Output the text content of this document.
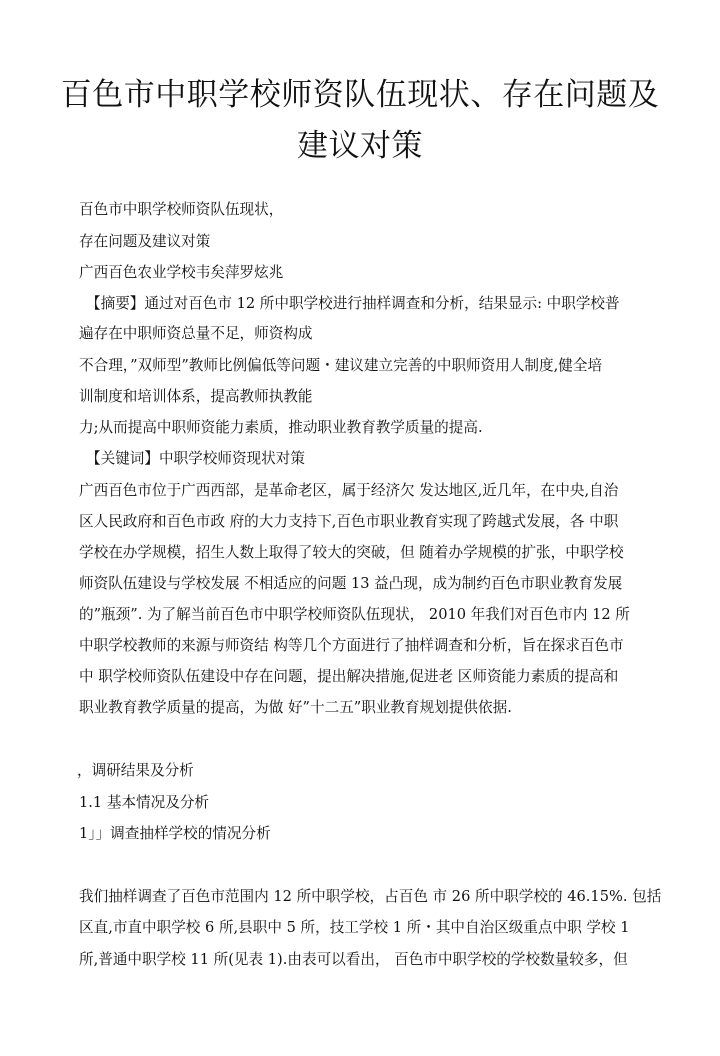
百色市中职学校师资队伍现状、存在问题及
建议对策
百色市中职学校师资队伍现状，
存在问题及建议对策
广西百色农业学校韦矣萍罗炫兆
【摘要】通过对百色市 12 所中职学校进行抽样调查和分析，结果显示: 中职学校普
遍存在中职师资总量不足，师资构成
不合理，”双师型”教师比例偏低等问题・建议建立完善的中职师资用人制度,健全培
训制度和培训体系，提高教师执教能
力;从而提高中职师资能力素质，推动职业教育教学质量的提高.
【关键词】中职学校师资现状对策
广西百色市位于广西西部，是革命老区，属于经济欠 发达地区,近几年，在中央,自治
区人民政府和百色市政 府的大力支持下,百色市职业教育实现了跨越式发展，各 中职
学校在办学规模，招生人数上取得了较大的突破，但 随着办学规模的扩张，中职学校
师资队伍建设与学校发展 不相适应的问题 13 益凸现，成为制约百色市职业教育发展
的”瓶颈”. 为了解当前百色市中职学校师资队伍现状， 2010 年我们对百色市内 12 所
中职学校教师的来源与师资结 构等几个方面进行了抽样调查和分析，旨在探求百色市
中 职学校师资队伍建设中存在问题，提出解决措施,促进老 区师资能力素质的提高和
职业教育教学质量的提高，为做 好”十二五”职业教育规划提供依据.
，调研结果及分析
1.1 基本情况及分析
1」」调查抽样学校的情况分析
我们抽样调查了百色市范围内 12 所中职学校，占百色 市 26 所中职学校的 46.15%. 包括
区直,市直中职学校 6 所,县职中 5 所，技工学校 1 所・其中自治区级重点中职 学校 1
所,普通中职学校 11 所(见表 1).由表可以看出， 百色市中职学校的学校数量较多，但
